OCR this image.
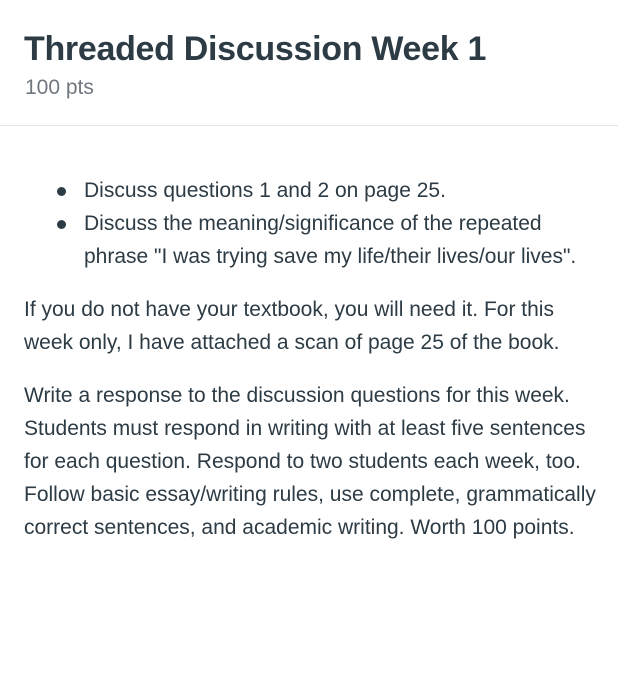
Threaded Discussion Week 1
100 pts
Discuss questions 1 and 2 on page 25.
Discuss the meaning/significance of the repeated phrase "I was trying save my life/their lives/our lives".

If you do not have your textbook, you will need it. For this week only, I have attached a scan of page 25 of the book.

Write a response to the discussion questions for this week. Students must respond in writing with at least five sentences for each question. Respond to two students each week, too. Follow basic essay/writing rules, use complete, grammatically correct sentences, and academic writing. Worth 100 points.
